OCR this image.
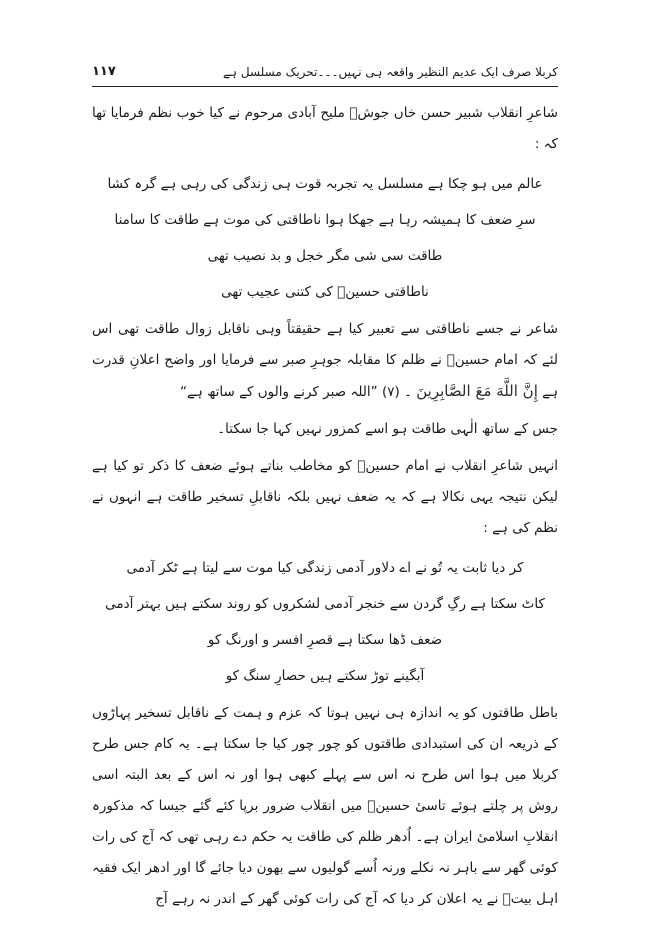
کربلا صرف ایک عدیم النظیر واقعہ ہی نہیں۔۔۔تحریک مسلسل ہے
۱۱۷

شاعرِ انقلاب شبیر حسن خاں جوشؔ ملیح آبادی مرحوم نے کیا خوب نظم فرمایا تھا کہ :

عالم میں ہو چکا ہے مسلسل یہ تجربہ قوت ہی زندگی کی رہی ہے گرہ کشا
سرِ ضعف کا ہمیشہ رہا ہے جھکا ہوا ناطاقتی کی موت ہے طاقت کا سامنا
طاقت سی شی مگر خجل و بد نصیب تھی
ناطاقتی حسینؑ کی کتنی عجیب تھی

شاعر نے جسے ناطاقتی سے تعبیر کیا ہے حقیقتاً وہی ناقابل زوال طاقت تھی اس لئے کہ امام حسینؑ نے ظلم کا مقابلہ جوہرِ صبر سے فرمایا اور واضح اعلانِ قدرت ہے إِنَّ اللَّهَ مَعَ الصَّابِرِينَ ۔ (۷) ”اللہ صبر کرنے والوں کے ساتھ ہے“

جس کے ساتھ الٰہی طاقت ہو اسے کمزور نہیں کہا جا سکتا۔

انہیں شاعرِ انقلاب نے امام حسینؑ کو مخاطب بناتے ہوئے ضعف کا ذکر تو کیا ہے لیکن نتیجہ یہی نکالا ہے کہ یہ ضعف نہیں بلکہ ناقابلِ تسخیر طاقت ہے انہوں نے نظم کی ہے :

کر دیا ثابت یہ تُو نے اے دلاور آدمی زندگی کیا موت سے لیتا ہے ٹکر آدمی
کاٹ سکتا ہے رگِ گردن سے خنجر آدمی لشکروں کو روند سکتے ہیں بہتر آدمی
ضعف ڈھا سکتا ہے قصرِ افسر و اورنگ کو
آبگینے توڑ سکتے ہیں حصارِ سنگ کو

باطل طاقتوں کو یہ اندازہ ہی نہیں ہوتا کہ عزم و ہمت کے ناقابل تسخیر پہاڑوں کے ذریعہ ان کی استبدادی طاقتوں کو چور چور کیا جا سکتا ہے۔ یہ کام جس طرح کربلا میں ہوا اس طرح نہ اس سے پہلے کبھی ہوا اور نہ اس کے بعد البتہ اسی روش پر چلتے ہوئے تاسیٔ حسینؑ میں انقلاب ضرور برپا کئے گئے جیسا کہ مذکورہ انقلابِ اسلامیٔ ایران ہے۔ اُدھر ظلم کی طاقت یہ حکم دے رہی تھی کہ آج کی رات کوئی گھر سے باہر نہ نکلے ورنہ اُسے گولیوں سے بھون دیا جائے گا اور ادھر ایک فقیہ اہل بیتؑ نے یہ اعلان کر دیا کہ آج کی رات کوئی گھر کے اندر نہ رہے آج
